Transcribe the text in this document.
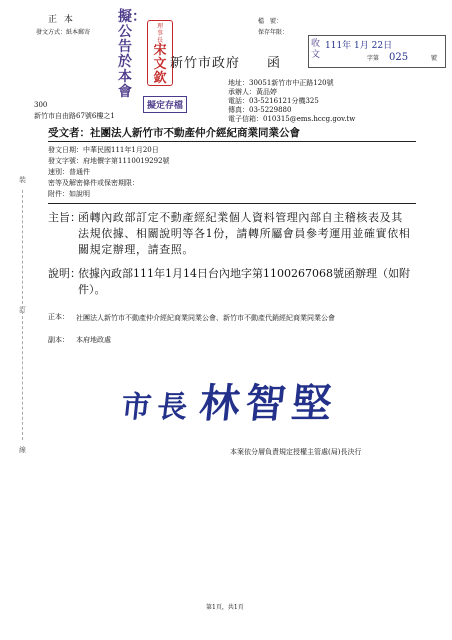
正 本
發文方式：紙本郵寄
檔　號：
保存年限：
擬：公告於本會
理事長
宋文欽
擬定存檔
收文
111年 1月 22日
字第 025	號
新竹市政府 函
地址：30051新竹市中正路120號
承辦人：黃品婷
電話：03-5216121分機325
傳真：03-5229880
電子信箱：010315@ems.hccg.gov.tw
300
新竹市自由路67號6樓之1
受文者：社團法人新竹市不動產仲介經紀商業同業公會
發文日期：中華民國111年1月20日
發文字號：府地價字第1110019292號
速別：普通件
密等及解密條件或保密期限：
附件：如說明
主旨：
函轉內政部訂定不動產經紀業個人資料管理內部自主稽核表及其法規依據、相關說明等各1份，請轉所屬會員參考運用並確實依相關規定辦理，請查照。
說明：
依據內政部111年1月14日台內地字第1100267068號函辦理（如附件）。
正本： 社團法人新竹市不動產仲介經紀商業同業公會、新竹市不動產代銷經紀商業同業公會
副本： 本府地政處
市長林智堅
本案依分層負責規定授權主管處(局)長決行
第1頁，共1頁
裝
訂
線
